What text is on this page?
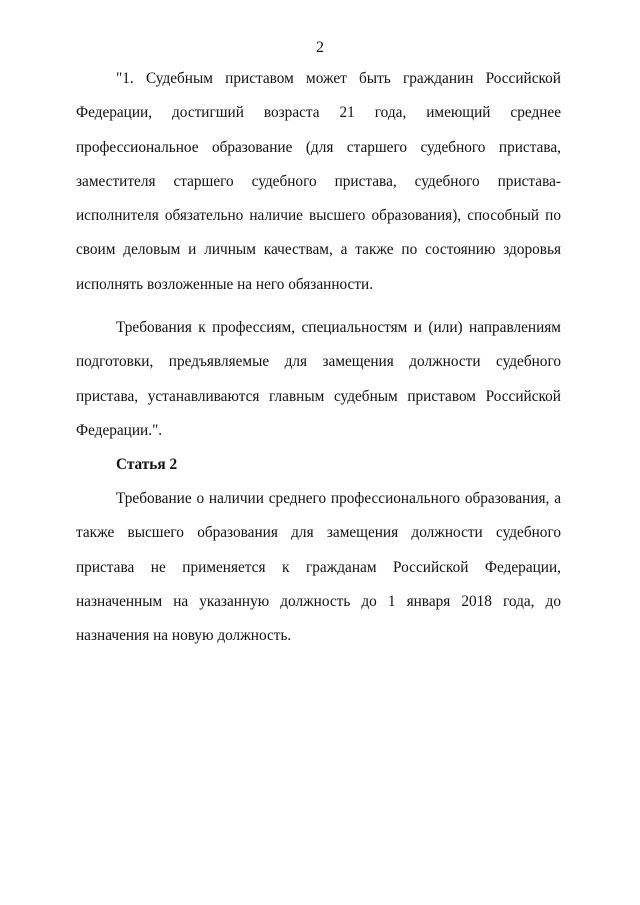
2

"1. Судебным приставом может быть гражданин Российской Федерации, достигший возраста 21 года, имеющий среднее профессиональное образование (для старшего судебного пристава, заместителя старшего судебного пристава, судебного пристава-исполнителя обязательно наличие высшего образования), способный по своим деловым и личным качествам, а также по состоянию здоровья исполнять возложенные на него обязанности.

Требования к профессиям, специальностям и (или) направлениям подготовки, предъявляемые для замещения должности судебного пристава, устанавливаются главным судебным приставом Российской Федерации.".

Статья 2

Требование о наличии среднего профессионального образования, а также высшего образования для замещения должности судебного пристава не применяется к гражданам Российской Федерации, назначенным на указанную должность до 1 января 2018 года, до назначения на новую должность.
